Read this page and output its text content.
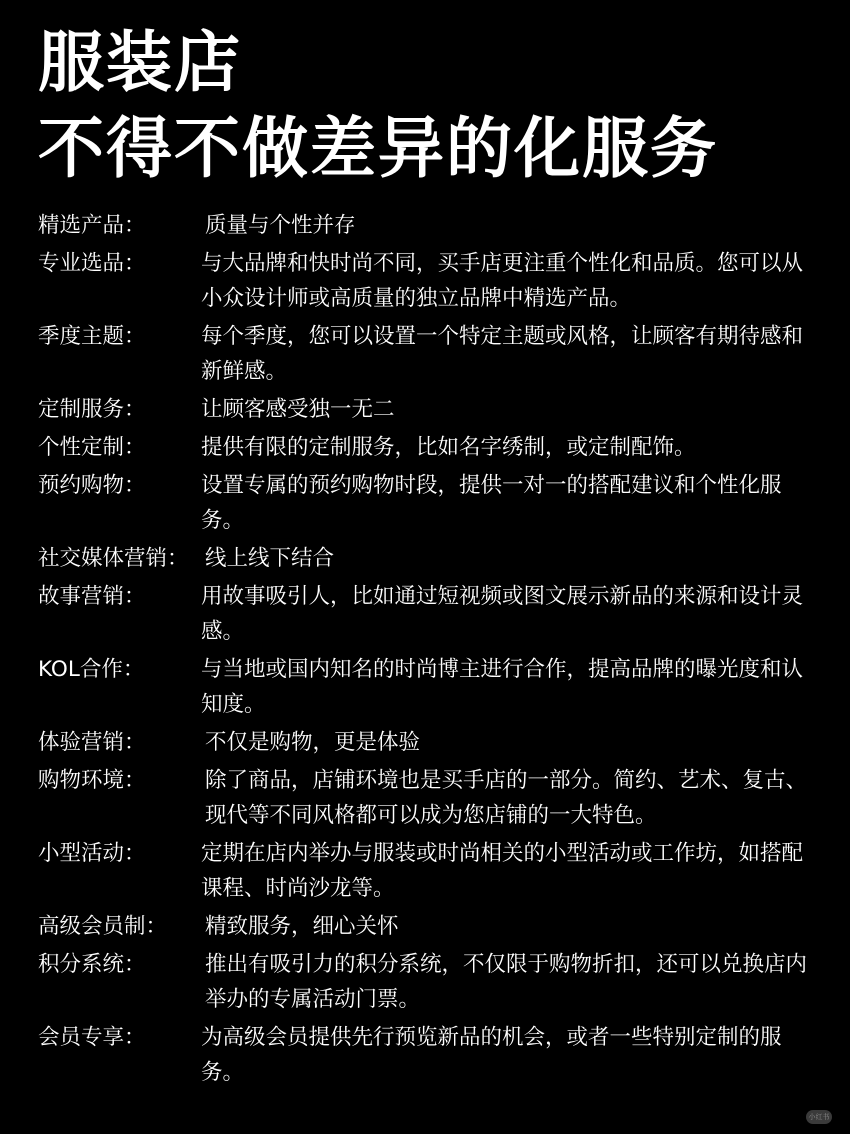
服装店
不得不做差异的化服务
精选产品：	质量与个性并存
专业选品：	与大品牌和快时尚不同，买手店更注重个性化和品质。您可以从小众设计师或高质量的独立品牌中精选产品。
季度主题：	每个季度，您可以设置一个特定主题或风格，让顾客有期待感和新鲜感。
定制服务：	让顾客感受独一无二
个性定制：	提供有限的定制服务，比如名字绣制，或定制配饰。
预约购物：	设置专属的预约购物时段，提供一对一的搭配建议和个性化服务。
社交媒体营销： 线上线下结合
故事营销：	用故事吸引人，比如通过短视频或图文展示新品的来源和设计灵感。
KOL合作：	与当地或国内知名的时尚博主进行合作，提高品牌的曝光度和认知度。
体验营销：	不仅是购物，更是体验
购物环境：	除了商品，店铺环境也是买手店的一部分。简约、艺术、复古、现代等不同风格都可以成为您店铺的一大特色。
小型活动：	定期在店内举办与服装或时尚相关的小型活动或工作坊，如搭配课程、时尚沙龙等。
高级会员制： 精致服务，细心关怀
积分系统：	推出有吸引力的积分系统，不仅限于购物折扣，还可以兑换店内举办的专属活动门票。
会员专享：	为高级会员提供先行预览新品的机会，或者一些特别定制的服务。
小红书
